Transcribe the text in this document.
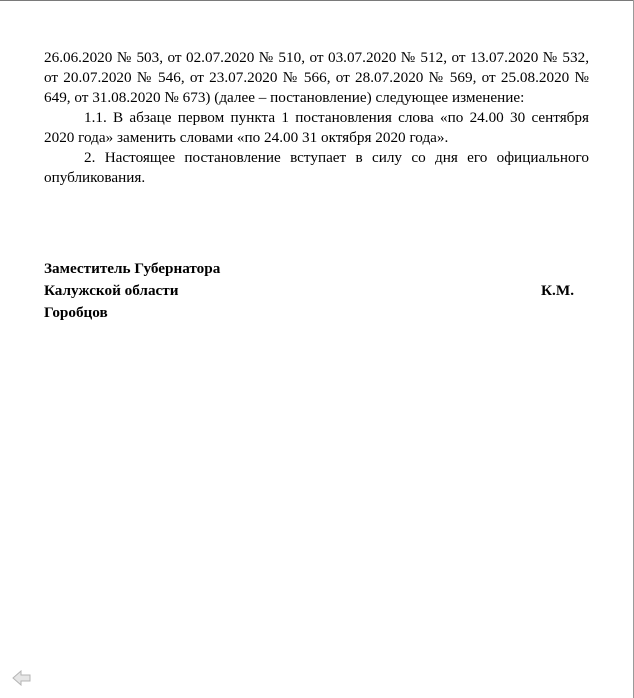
26.06.2020 № 503, от 02.07.2020 № 510, от 03.07.2020 № 512, от 13.07.2020 № 532, от 20.07.2020 № 546, от 23.07.2020 № 566, от 28.07.2020 № 569, от 25.08.2020 № 649, от 31.08.2020 № 673) (далее – постановление) следующее изменение:

1.1. В абзаце первом пункта 1 постановления слова «по 24.00 30 сентября 2020 года» заменить словами «по 24.00 31 октября 2020 года».

2. Настоящее постановление вступает в силу со дня его официального опубликования.

Заместитель Губернатора
Калужской области	К.М.
Горобцов
